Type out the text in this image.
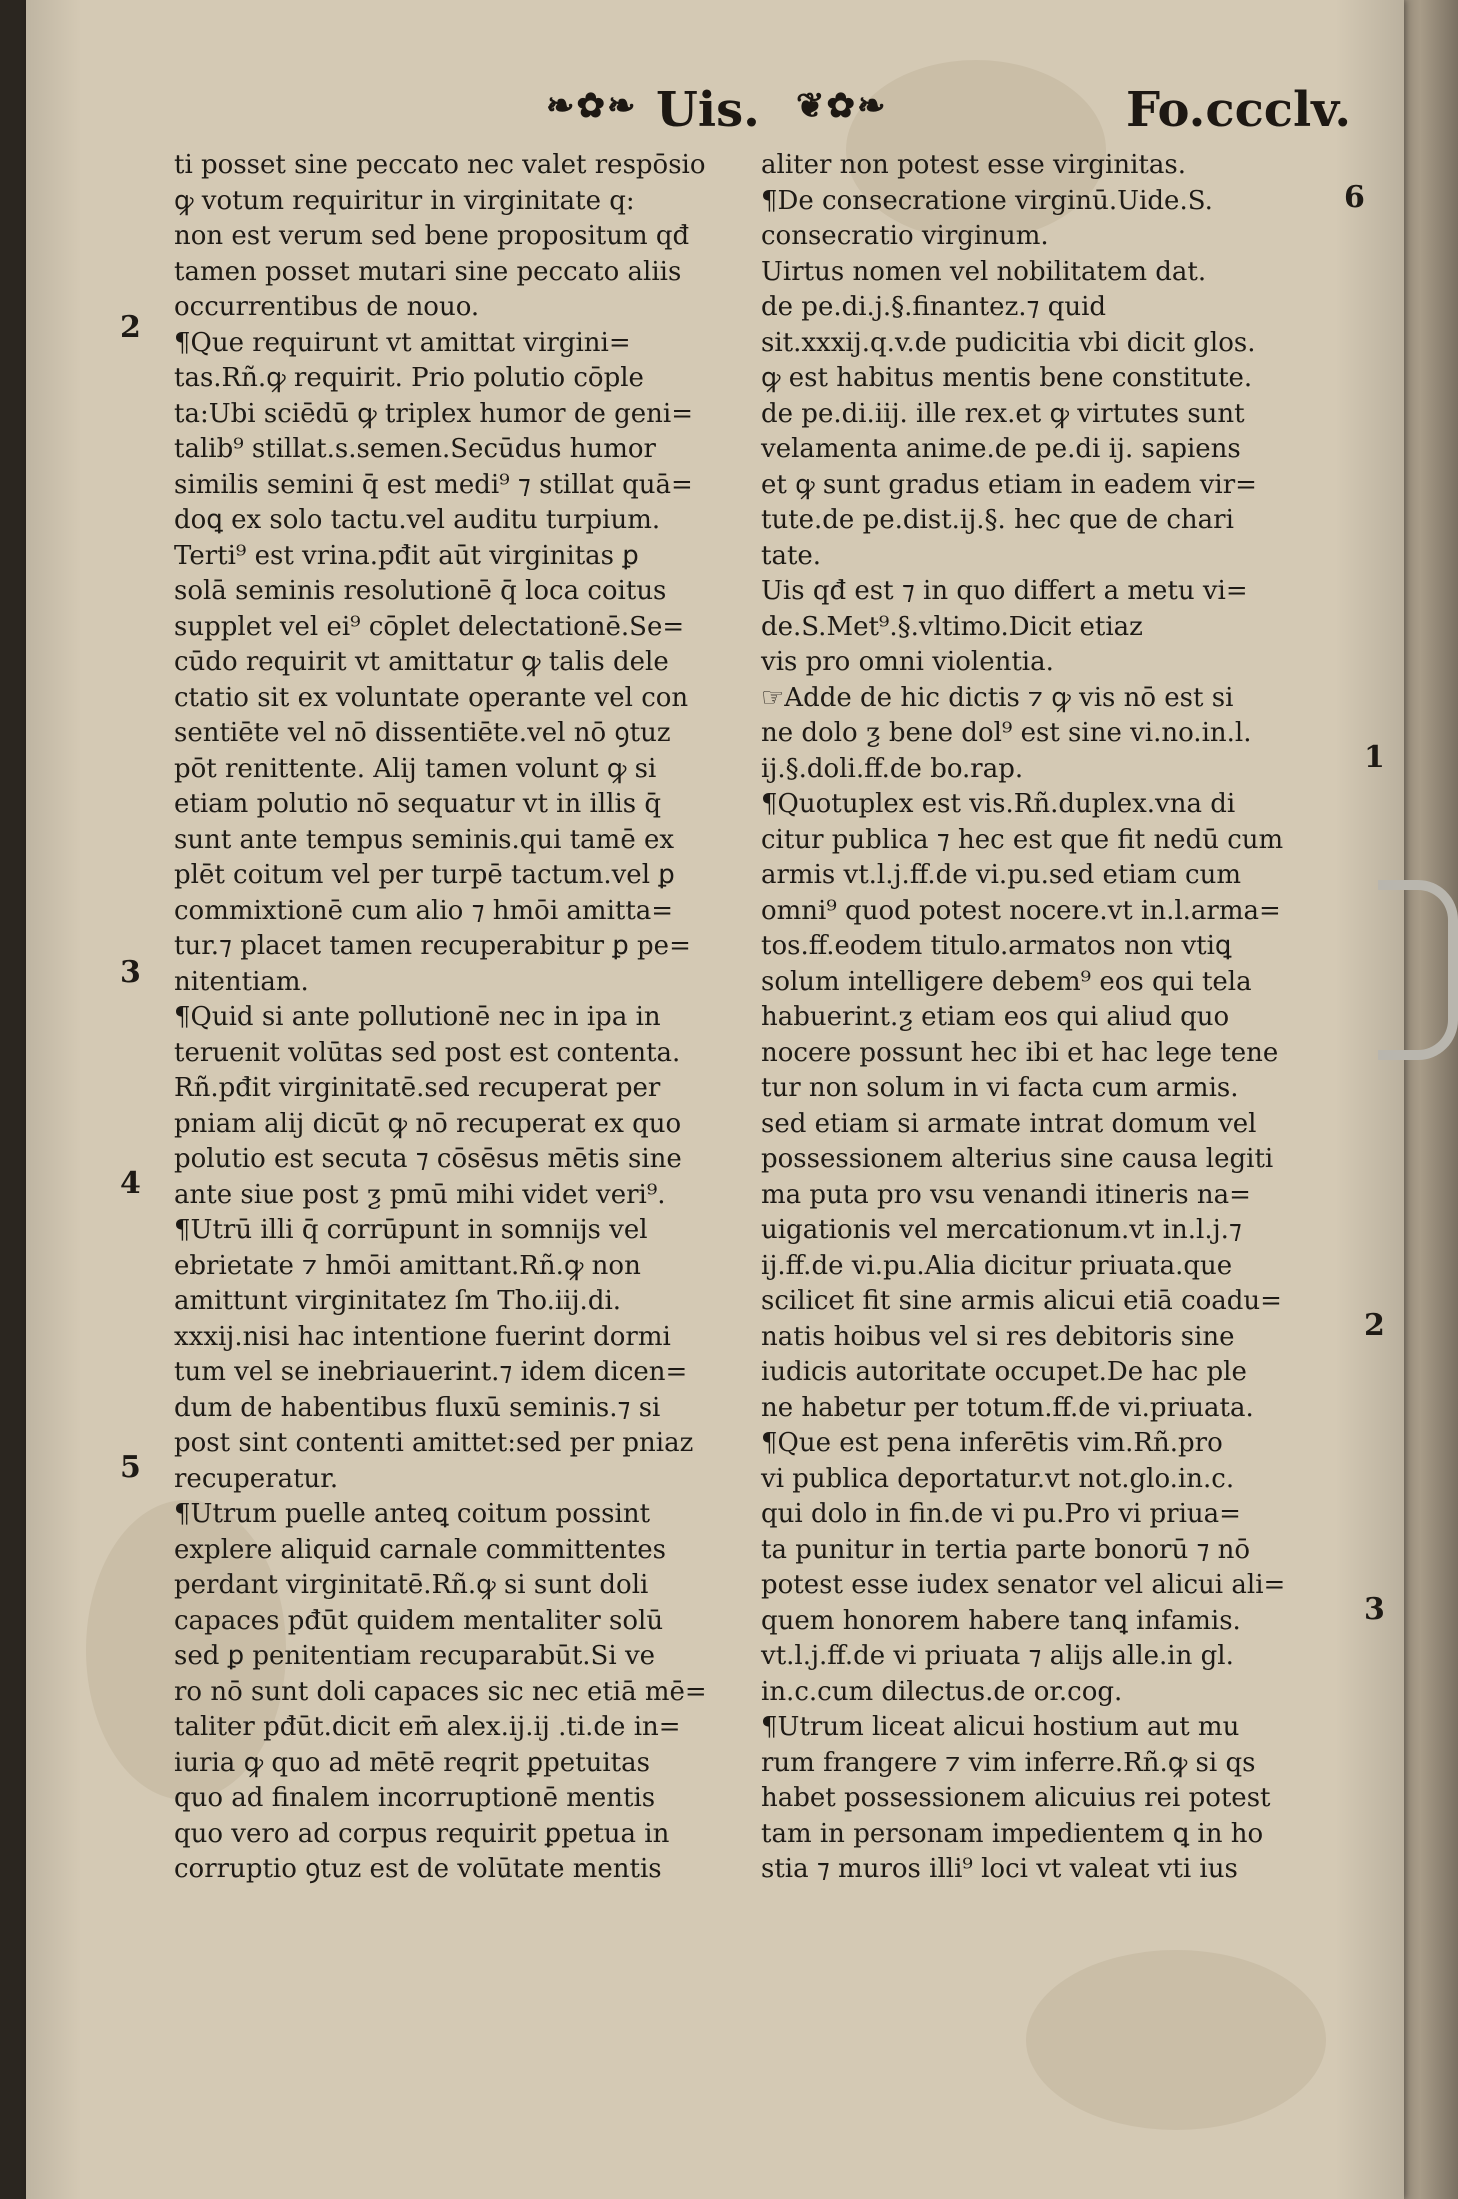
❧✿❧ Uis. ❦✿❧	Fo.ccclv.
2
3
4
5
6
1
2
3
ti posset sine peccato nec valet respōsio
ꝙ votum requiritur in virginitate q:
non est verum sed bene propositum qđ
tamen posset mutari sine peccato aliis
occurrentibus de nouo.
¶Que requirunt vt amittat virgini=
tas.Rñ.ꝙ requirit. Prio polutio cōple
ta:Ubi sciēdū ꝙ triplex humor de geni=
talib⁹ stillat.s.semen.Secūdus humor
similis semini q̄ est medi⁹ ⁊ stillat quā=
doꝗ ex solo tactu.vel auditu turpium.
Terti⁹ est vrina.pđit aūt virginitas ꝑ
solā seminis resolutionē q̄ loca coitus
supplet vel ei⁹ cōplet delectationē.Se=
cūdo requirit vt amittatur ꝙ talis dele
ctatio sit ex voluntate operante vel con
sentiēte vel nō dissentiēte.vel nō ꝯtuz
pōt renittente. Alij tamen volunt ꝙ si
etiam polutio nō sequatur vt in illis q̄
sunt ante tempus seminis.qui tamē ex
plēt coitum vel per turpē tactum.vel ꝑ
commixtionē cum alio ⁊ hmōi amitta=
tur.⁊ placet tamen recuperabitur ꝑ pe=
nitentiam.
¶Quid si ante pollutionē nec in ipa in
teruenit volūtas sed post est contenta.
Rñ.pđit virginitatē.sed recuperat per
pniam alij dicūt ꝙ nō recuperat ex quo
polutio est secuta ⁊ cōsēsus mētis sine
ante siue post ƺ pmū mihi videt veri⁹.
¶Utrū illi q̄ corrūpunt in somnijs vel
ebrietate ⁊ hmōi amittant.Rñ.ꝙ non
amittunt virginitatez ſm Tho.iij.di.
xxxij.nisi hac intentione fuerint dormi
tum vel se inebriauerint.⁊ idem dicen=
dum de habentibus fluxū seminis.⁊ si
post sint contenti amittet:sed per pniaz
recuperatur.
¶Utrum puelle anteꝗ coitum possint
explere aliquid carnale committentes
perdant virginitatē.Rñ.ꝙ si sunt doli
capaces pđūt quidem mentaliter solū
sed ꝑ penitentiam recuparabūt.Si ve
ro nō sunt doli capaces sic nec etiā mē=
taliter pđūt.dicit em̄ alex.ij.ij .ti.de in=
iuria ꝙ quo ad mētē reqrit ꝑpetuitas
quo ad finalem incorruptionē mentis
quo vero ad corpus requirit ꝑpetua in
corruptio ꝯtuz est de volūtate mentis
aliter non potest esse virginitas.
¶De consecratione virginū.Uide.S.
consecratio virginum.
Uirtus nomen vel nobilitatem dat.
de pe.di.j.§.finantez.⁊ quid
sit.xxxij.q.v.de pudicitia vbi dicit glos.
ꝙ est habitus mentis bene constitute.
de pe.di.iij. ille rex.et ꝙ virtutes sunt
velamenta anime.de pe.di ij. sapiens
et ꝙ sunt gradus etiam in eadem vir=
tute.de pe.dist.ij.§. hec que de chari
tate.
Uis qđ est ⁊ in quo differt a metu vi=
de.S.Met⁹.§.vltimo.Dicit etiaz
vis pro omni violentia.
☞Adde de hic dictis ⁊ ꝙ vis nō est si
ne dolo ƺ bene dol⁹ est sine vi.no.in.l.
ij.§.doli.ff.de bo.rap.
¶Quotuplex est vis.Rñ.duplex.vna di
citur publica ⁊ hec est que fit nedū cum
armis vt.l.j.ff.de vi.pu.sed etiam cum
omni⁹ quod potest nocere.vt in.l.arma=
tos.ff.eodem titulo.armatos non vtiꝗ
solum intelligere debem⁹ eos qui tela
habuerint.ƺ etiam eos qui aliud quo
nocere possunt hec ibi et hac lege tene
tur non solum in vi facta cum armis.
sed etiam si armate intrat domum vel
possessionem alterius sine causa legiti
ma puta pro vsu venandi itineris na=
uigationis vel mercationum.vt in.l.j.⁊
ij.ff.de vi.pu.Alia dicitur priuata.que
scilicet fit sine armis alicui etiā coadu=
natis hoibus vel si res debitoris sine
iudicis autoritate occupet.De hac ple
ne habetur per totum.ff.de vi.priuata.
¶Que est pena inferētis vim.Rñ.pro
vi publica deportatur.vt not.glo.in.c.
qui dolo in fin.de vi pu.Pro vi priua=
ta punitur in tertia parte bonorū ⁊ nō
potest esse iudex senator vel alicui ali=
quem honorem habere tanꝗ infamis.
vt.l.j.ff.de vi priuata ⁊ alijs alle.in gl.
in.c.cum dilectus.de or.cog.
¶Utrum liceat alicui hostium aut mu
rum frangere ⁊ vim inferre.Rñ.ꝙ si qs
habet possessionem alicuius rei potest
tam in personam impedientem ꝗ in ho
stia ⁊ muros illi⁹ loci vt valeat vti ius
